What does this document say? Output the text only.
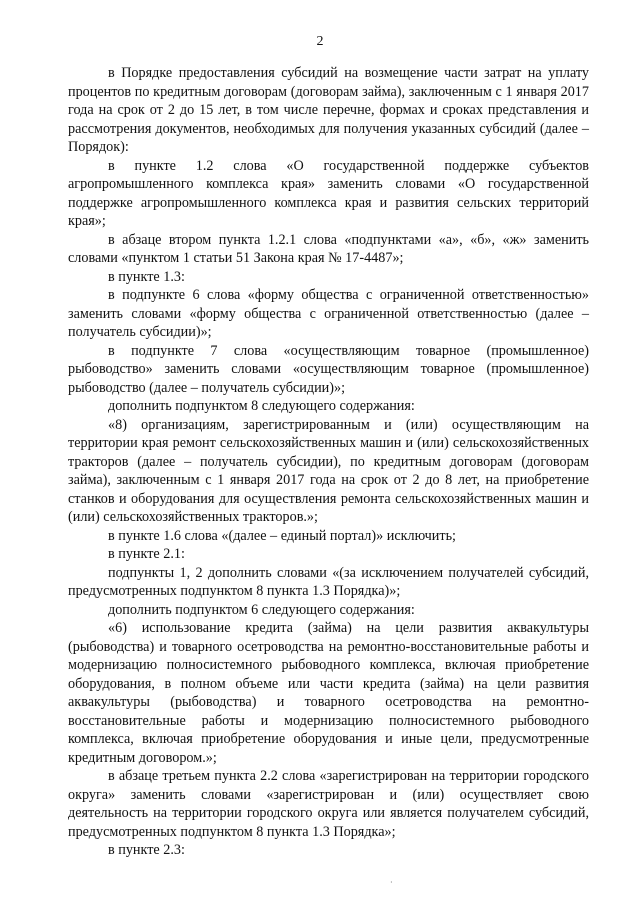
2

в Порядке предоставления субсидий на возмещение части затрат на уплату процентов по кредитным договорам (договорам займа), заключенным с 1 января 2017 года на срок от 2 до 15 лет, в том числе перечне, формах и сроках представления и рассмотрения документов, необходимых для получения указанных субсидий (далее – Порядок):

в пункте 1.2 слова «О государственной поддержке субъектов агропромышленного комплекса края» заменить словами «О государственной поддержке агропромышленного комплекса края и развития сельских территорий края»;

в абзаце втором пункта 1.2.1 слова «подпунктами «а», «б», «ж» заменить словами «пунктом 1 статьи 51 Закона края № 17-4487»;

в пункте 1.3:

в подпункте 6 слова «форму общества с ограниченной ответственностью» заменить словами «форму общества с ограниченной ответственностью (далее – получатель субсидии)»;

в подпункте 7 слова «осуществляющим товарное (промышленное) рыбоводство» заменить словами «осуществляющим товарное (промышленное) рыбоводство (далее – получатель субсидии)»;

дополнить подпунктом 8 следующего содержания:

«8) организациям, зарегистрированным и (или) осуществляющим на территории края ремонт сельскохозяйственных машин и (или) сельскохозяйственных тракторов (далее – получатель субсидии), по кредитным договорам (договорам займа), заключенным с 1 января 2017 года на срок от 2 до 8 лет, на приобретение станков и оборудования для осуществления ремонта сельскохозяйственных машин и (или) сельскохозяйственных тракторов.»;

в пункте 1.6 слова «(далее – единый портал)» исключить;

в пункте 2.1:

подпункты 1, 2 дополнить словами «(за исключением получателей субсидий, предусмотренных подпунктом 8 пункта 1.3 Порядка)»;

дополнить подпунктом 6 следующего содержания:

«6) использование кредита (займа) на цели развития аквакультуры (рыбоводства) и товарного осетроводства на ремонтно-восстановительные работы и модернизацию полносистемного рыбоводного комплекса, включая приобретение оборудования, в полном объеме или части кредита (займа) на цели развития аквакультуры (рыбоводства) и товарного осетроводства на ремонтно-восстановительные работы и модернизацию полносистемного рыбоводного комплекса, включая приобретение оборудования и иные цели, предусмотренные кредитным договором.»;

в абзаце третьем пункта 2.2 слова «зарегистрирован на территории городского округа» заменить словами «зарегистрирован и (или) осуществляет свою деятельность на территории городского округа или является получателем субсидий, предусмотренных подпунктом 8 пункта 1.3 Порядка»;

в пункте 2.3:

·
